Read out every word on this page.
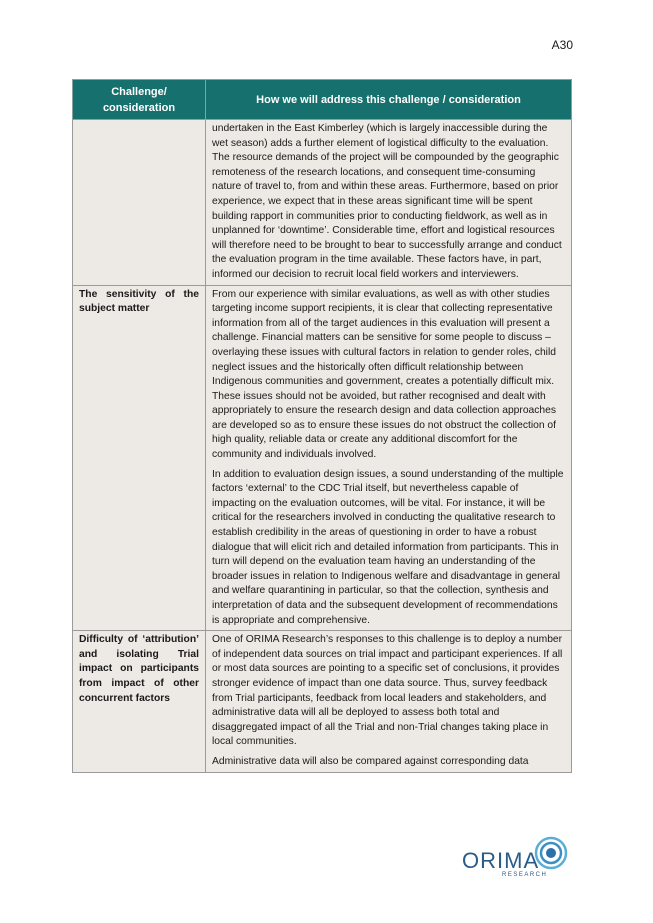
A30
Challenge/ consideration	How we will address this challenge / consideration

	undertaken in the East Kimberley (which is largely inaccessible during the wet season) adds a further element of logistical difficulty to the evaluation. The resource demands of the project will be compounded by the geographic remoteness of the research locations, and consequent time-consuming nature of travel to, from and within these areas. Furthermore, based on prior experience, we expect that in these areas significant time will be spent building rapport in communities prior to conducting fieldwork, as well as in unplanned for ‘downtime’. Considerable time, effort and logistical resources will therefore need to be brought to bear to successfully arrange and conduct the evaluation program in the time available. These factors have, in part, informed our decision to recruit local field workers and interviewers.

The sensitivity of the subject matter	From our experience with similar evaluations, as well as with other studies targeting income support recipients, it is clear that collecting representative information from all of the target audiences in this evaluation will present a challenge. Financial matters can be sensitive for some people to discuss – overlaying these issues with cultural factors in relation to gender roles, child neglect issues and the historically often difficult relationship between Indigenous communities and government, creates a potentially difficult mix. These issues should not be avoided, but rather recognised and dealt with appropriately to ensure the research design and data collection approaches are developed so as to ensure these issues do not obstruct the collection of high quality, reliable data or create any additional discomfort for the community and individuals involved.

In addition to evaluation design issues, a sound understanding of the multiple factors ‘external’ to the CDC Trial itself, but nevertheless capable of impacting on the evaluation outcomes, will be vital. For instance, it will be critical for the researchers involved in conducting the qualitative research to establish credibility in the areas of questioning in order to have a robust dialogue that will elicit rich and detailed information from participants. This in turn will depend on the evaluation team having an understanding of the broader issues in relation to Indigenous welfare and disadvantage in general and welfare quarantining in particular, so that the collection, synthesis and interpretation of data and the subsequent development of recommendations is appropriate and comprehensive.

Difficulty of ‘attribution’ and isolating Trial impact on participants from impact of other concurrent factors	One of ORIMA Research’s responses to this challenge is to deploy a number of independent data sources on trial impact and participant experiences. If all or most data sources are pointing to a specific set of conclusions, it provides stronger evidence of impact than one data source. Thus, survey feedback from Trial participants, feedback from local leaders and stakeholders, and administrative data will all be deployed to assess both total and disaggregated impact of all the Trial and non-Trial changes taking place in local communities.

Administrative data will also be compared against corresponding data

ORIMA
RESEARCH
